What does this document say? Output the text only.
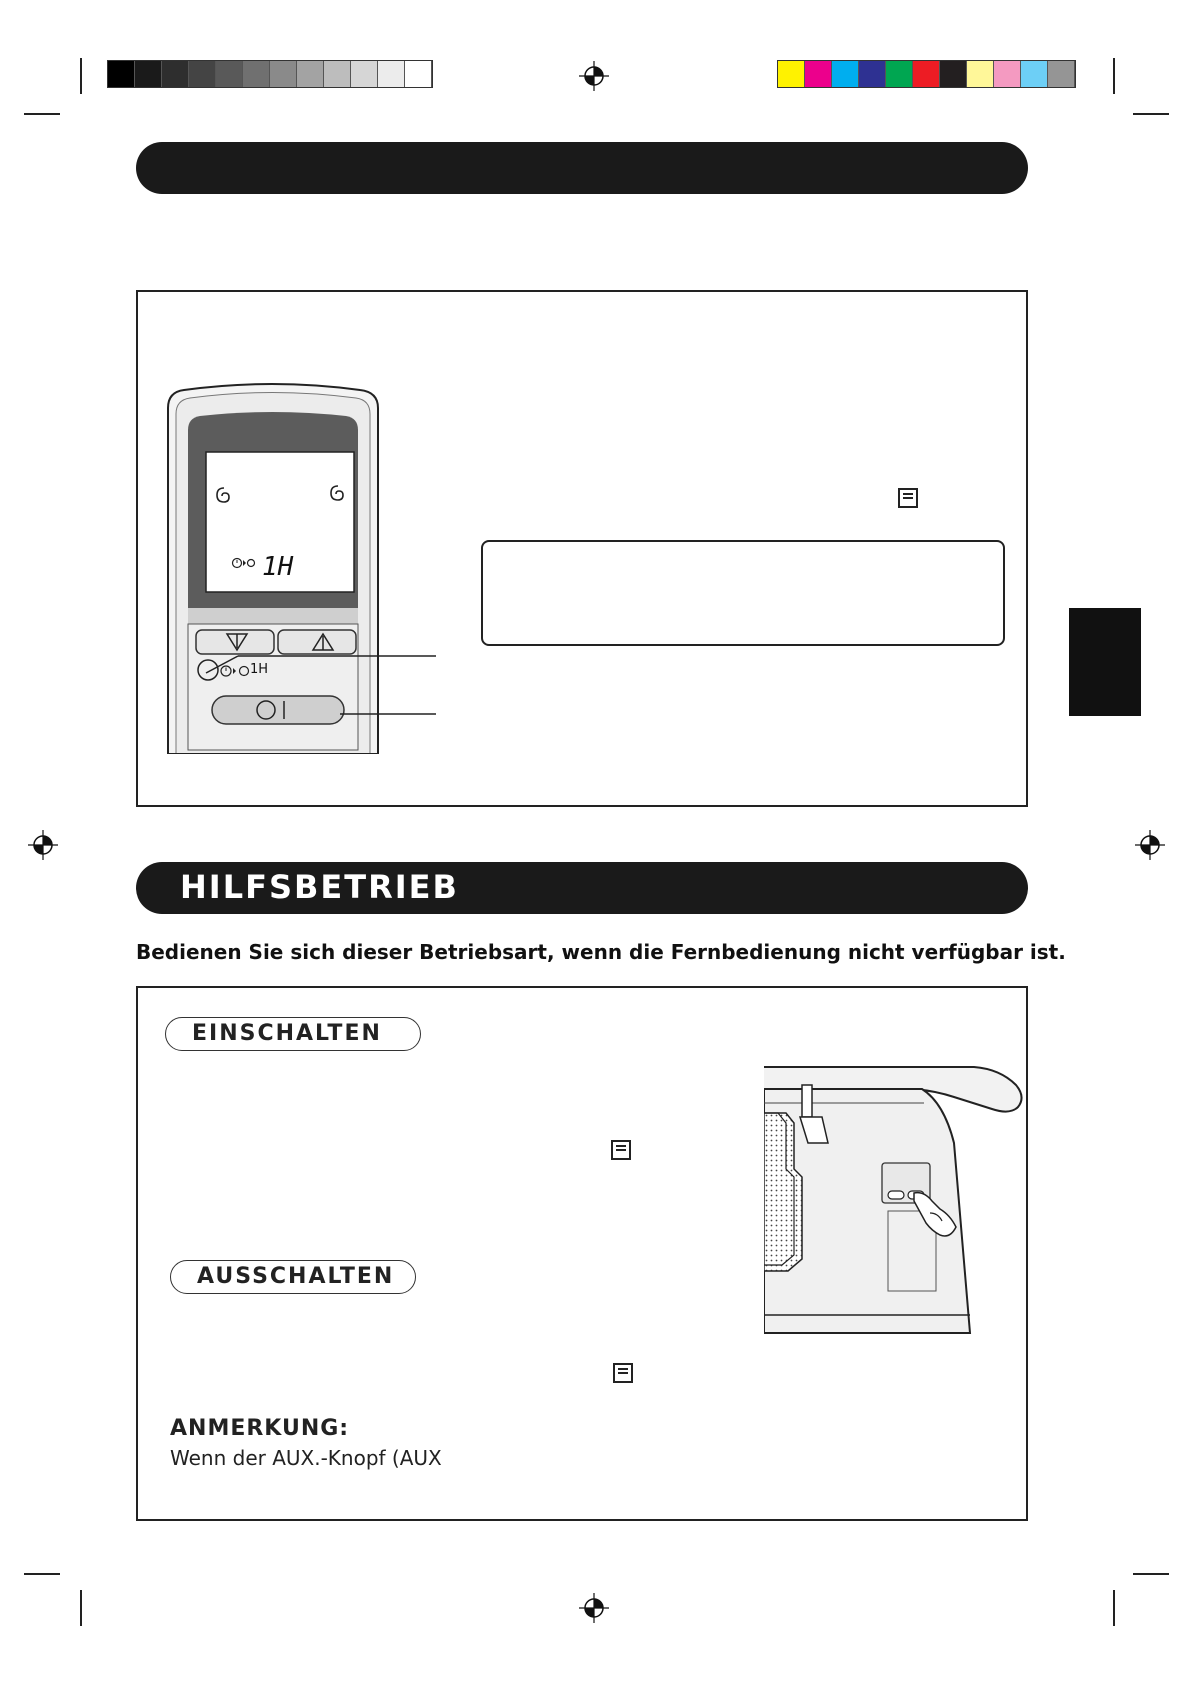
1H
1H
HILFSBETRIEB
Bedienen Sie sich dieser Betriebsart, wenn die Fernbedienung nicht verfügbar ist.
EINSCHALTEN
AUSSCHALTEN
ANMERKUNG:
Wenn der AUX.-Knopf (AUX
